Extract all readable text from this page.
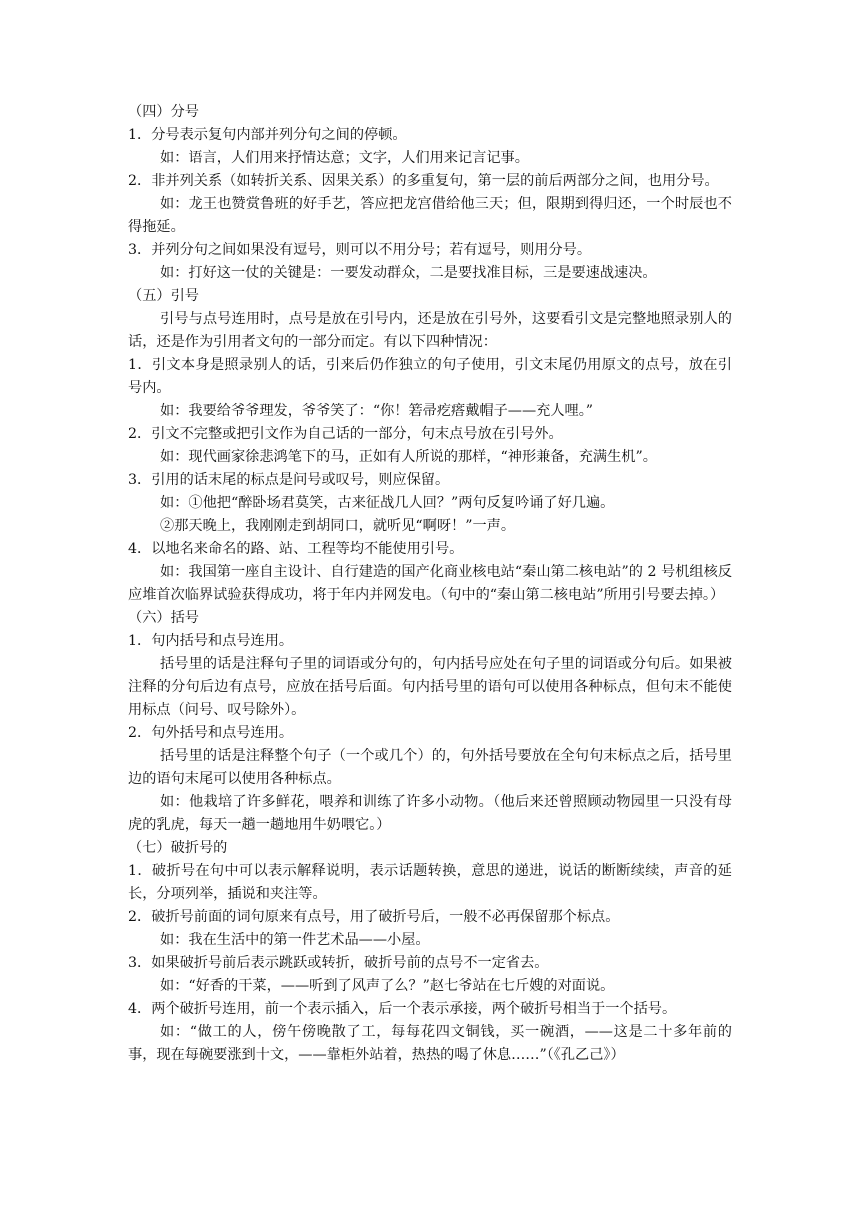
（四）分号
1．分号表示复句内部并列分句之间的停顿。
如：语言，人们用来抒情达意；文字，人们用来记言记事。
2．非并列关系（如转折关系、因果关系）的多重复句，第一层的前后两部分之间，也用分号。
如：龙王也赞赏鲁班的好手艺，答应把龙宫借给他三天；但，限期到得归还，一个时辰也不得拖延。
3．并列分句之间如果没有逗号，则可以不用分号；若有逗号，则用分号。
如：打好这一仗的关键是：一要发动群众，二是要找准目标，三是要速战速决。
（五）引号
引号与点号连用时，点号是放在引号内，还是放在引号外，这要看引文是完整地照录别人的话，还是作为引用者文句的一部分而定。有以下四种情况：
1．引文本身是照录别人的话，引来后仍作独立的句子使用，引文末尾仍用原文的点号，放在引号内。
如：我要给爷爷理发，爷爷笑了：“你！箬帚疙瘩戴帽子——充人哩。”
2．引文不完整或把引文作为自己话的一部分，句末点号放在引号外。
如：现代画家徐悲鸿笔下的马，正如有人所说的那样，“神形兼备，充满生机”。
3．引用的话末尾的标点是问号或叹号，则应保留。
如：①他把“醉卧场君莫笑，古来征战几人回？”两句反复吟诵了好几遍。
②那天晚上，我刚刚走到胡同口，就听见“啊呀！”一声。
4．以地名来命名的路、站、工程等均不能使用引号。
如：我国第一座自主设计、自行建造的国产化商业核电站“秦山第二核电站”的 2 号机组核反应堆首次临界试验获得成功，将于年内并网发电。（句中的“秦山第二核电站”所用引号要去掉。）
（六）括号
1．句内括号和点号连用。
括号里的话是注释句子里的词语或分句的，句内括号应处在句子里的词语或分句后。如果被注释的分句后边有点号，应放在括号后面。句内括号里的语句可以使用各种标点，但句末不能使用标点（问号、叹号除外）。
2．句外括号和点号连用。
括号里的话是注释整个句子（一个或几个）的，句外括号要放在全句句末标点之后，括号里边的语句末尾可以使用各种标点。
如：他栽培了许多鲜花，喂养和训练了许多小动物。（他后来还曾照顾动物园里一只没有母虎的乳虎，每天一趟一趟地用牛奶喂它。）
（七）破折号的
1．破折号在句中可以表示解释说明，表示话题转换，意思的递进，说话的断断续续，声音的延长，分项列举，插说和夹注等。
2．破折号前面的词句原来有点号，用了破折号后，一般不必再保留那个标点。
如：我在生活中的第一件艺术品——小屋。
3．如果破折号前后表示跳跃或转折，破折号前的点号不一定省去。
如：“好香的干菜，——听到了风声了么？”赵七爷站在七斤嫂的对面说。
4．两个破折号连用，前一个表示插入，后一个表示承接，两个破折号相当于一个括号。
如：“做工的人，傍午傍晚散了工，每每花四文铜钱，买一碗酒，——这是二十多年前的事，现在每碗要涨到十文，——靠柜外站着，热热的喝了休息……”（《孔乙己》）
